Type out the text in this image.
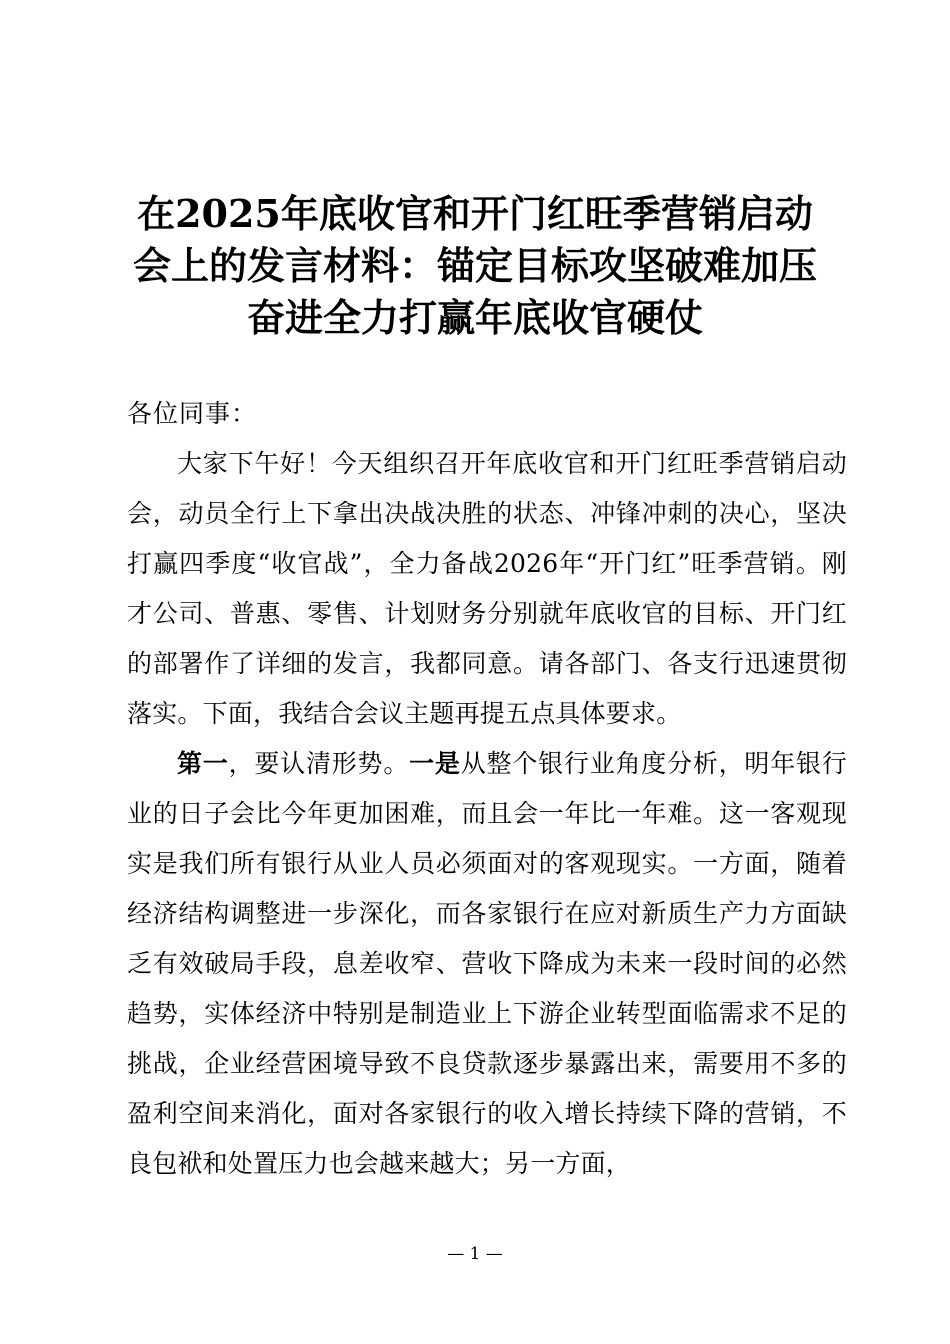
在2025年底收官和开门红旺季营销启动
会上的发言材料：锚定目标攻坚破难加压
奋进全力打赢年底收官硬仗
各位同事：
大家下午好！今天组织召开年底收官和开门红旺季营销启动会，动员全行上下拿出决战决胜的状态、冲锋冲刺的决心，坚决打赢四季度“收官战”，全力备战2026年“开门红”旺季营销。刚才公司、普惠、零售、计划财务分别就年底收官的目标、开门红的部署作了详细的发言，我都同意。请各部门、各支行迅速贯彻落实。下面，我结合会议主题再提五点具体要求。
第一，要认清形势。一是从整个银行业角度分析，明年银行业的日子会比今年更加困难，而且会一年比一年难。这一客观现实是我们所有银行从业人员必须面对的客观现实。一方面，随着经济结构调整进一步深化，而各家银行在应对新质生产力方面缺乏有效破局手段，息差收窄、营收下降成为未来一段时间的必然趋势，实体经济中特别是制造业上下游企业转型面临需求不足的挑战，企业经营困境导致不良贷款逐步暴露出来，需要用不多的盈利空间来消化，面对各家银行的收入增长持续下降的营销，不良包袱和处置压力也会越来越大；另一方面，
— 1 —
